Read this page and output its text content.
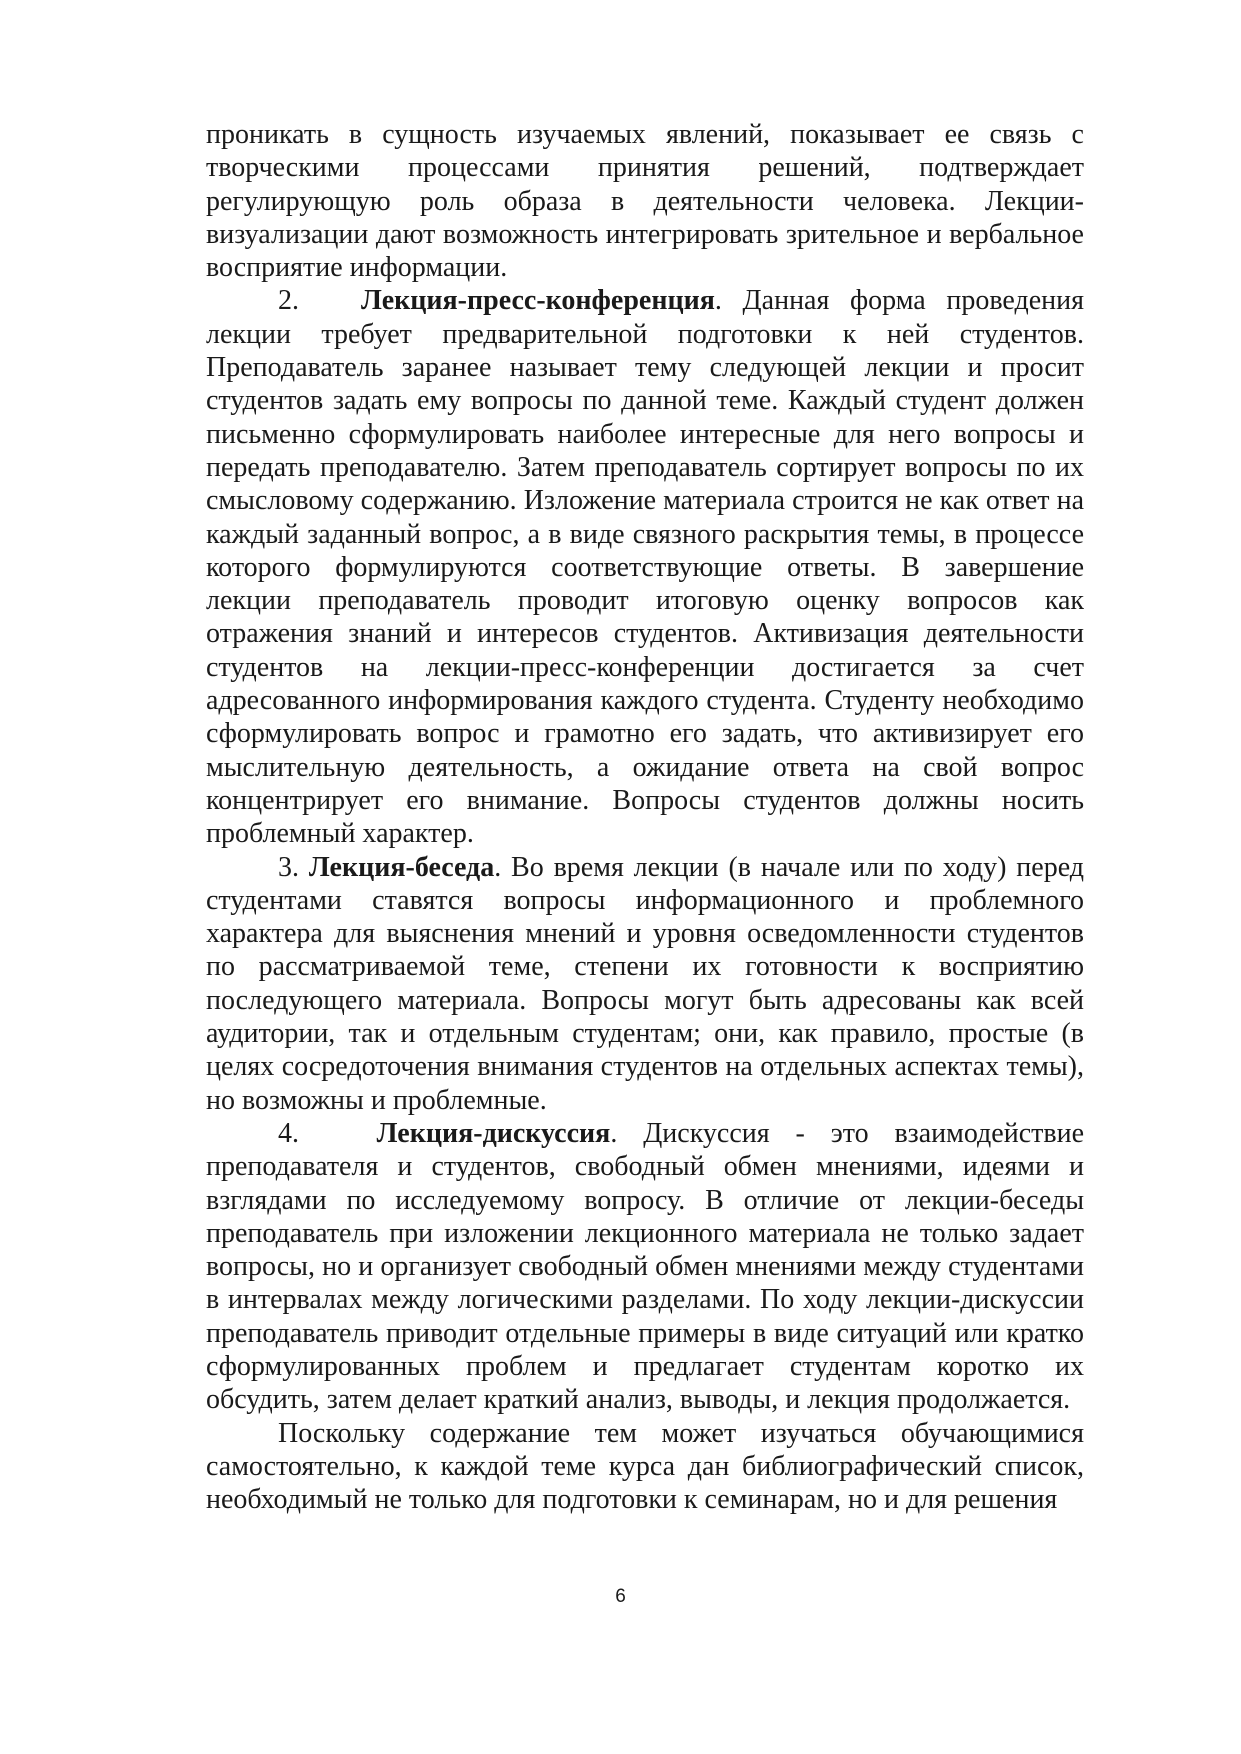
проникать в сущность изучаемых явлений, показывает ее связь с творческими процессами принятия решений, подтверждает регулирующую роль образа в деятельности человека. Лекции-визуализации дают возможность интегрировать зрительное и вербальное восприятие информации.

2. Лекция-пресс-конференция. Данная форма проведения лекции требует предварительной подготовки к ней студентов. Преподаватель заранее называет тему следующей лекции и просит студентов задать ему вопросы по данной теме. Каждый студент должен письменно сформулировать наиболее интересные для него вопросы и передать преподавателю. Затем преподаватель сортирует вопросы по их смысловому содержанию. Изложение материала строится не как ответ на каждый заданный вопрос, а в виде связного раскрытия темы, в процессе которого формулируются соответствующие ответы. В завершение лекции преподаватель проводит итоговую оценку вопросов как отражения знаний и интересов студентов. Активизация деятельности студентов на лекции-пресс-конференции достигается за счет адресованного информирования каждого студента. Студенту необходимо сформулировать вопрос и грамотно его задать, что активизирует его мыслительную деятельность, а ожидание ответа на свой вопрос концентрирует его внимание. Вопросы студентов должны носить проблемный характер.

3. Лекция-беседа. Во время лекции (в начале или по ходу) перед студентами ставятся вопросы информационного и проблемного характера для выяснения мнений и уровня осведомленности студентов по рассматриваемой теме, степени их готовности к восприятию последующего материала. Вопросы могут быть адресованы как всей аудитории, так и отдельным студентам; они, как правило, простые (в целях сосредоточения внимания студентов на отдельных аспектах темы), но возможны и проблемные.

4.	Лекция-дискуссия. Дискуссия - это взаимодействие преподавателя и студентов, свободный обмен мнениями, идеями и взглядами по исследуемому вопросу. В отличие от лекции-беседы преподаватель при изложении лекционного материала не только задает вопросы, но и организует свободный обмен мнениями между студентами в интервалах между логическими разделами. По ходу лекции-дискуссии преподаватель приводит отдельные примеры в виде ситуаций или кратко сформулированных проблем и предлагает студентам коротко их обсудить, затем делает краткий анализ, выводы, и лекция продолжается.

Поскольку содержание тем может изучаться обучающимися самостоятельно, к каждой теме курса дан библиографический список, необходимый не только для подготовки к семинарам, но и для решения

6
